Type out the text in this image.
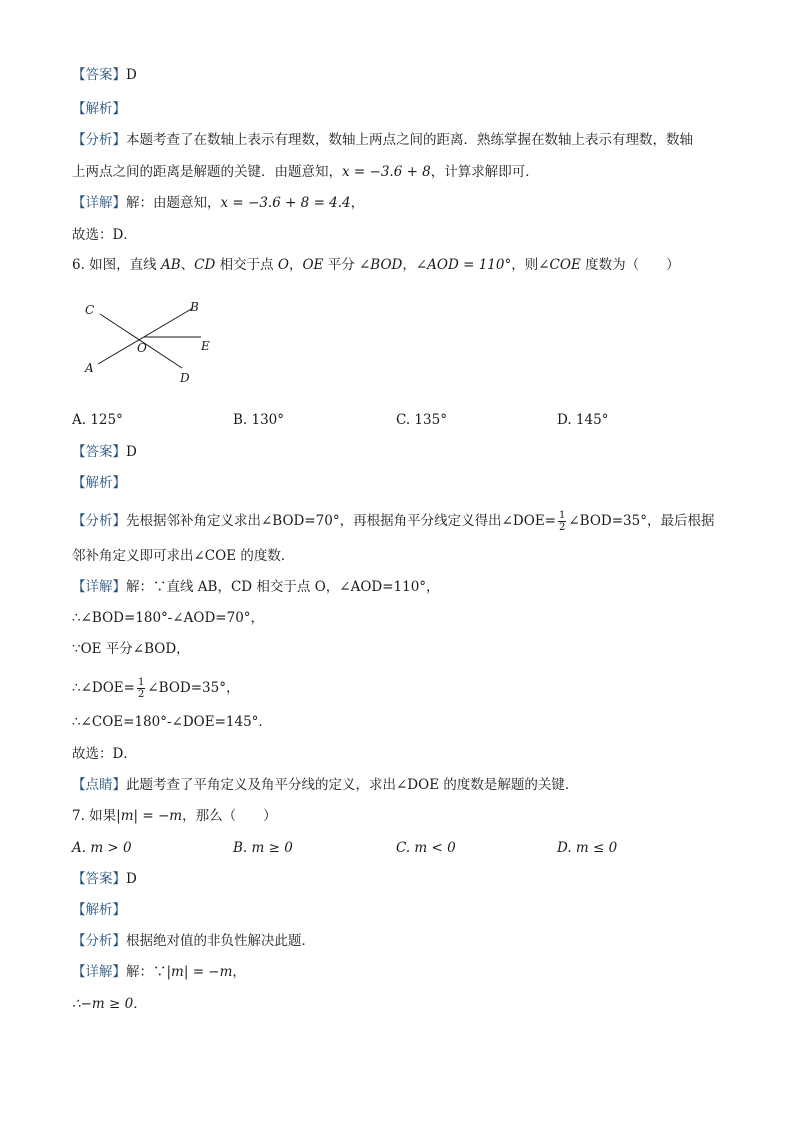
【答案】D
【解析】
【分析】本题考查了在数轴上表示有理数，数轴上两点之间的距离．熟练掌握在数轴上表示有理数，数轴
上两点之间的距离是解题的关键．由题意知，x = −3.6 + 8，计算求解即可．
【详解】解：由题意知，x = −3.6 + 8 = 4.4，
故选：D．
6. 如图，直线 AB、CD 相交于点 O，OE 平分 ∠BOD，∠AOD = 110°，则∠COE 度数为（　　）
C	B
O	E
A
D
A. 125°	B. 130°	C. 135°	D. 145°
【答案】D
【解析】
【分析】先根据邻补角定义求出∠BOD=70°，再根据角平分线定义得出∠DOE= $\frac{1}{2}$ ∠BOD=35°，最后根据
邻补角定义即可求出∠COE 的度数．
【详解】解：∵直线 AB，CD 相交于点 O，∠AOD=110°，
∴∠BOD=180°-∠AOD=70°，
∵OE 平分∠BOD，
∴∠DOE= $\frac{1}{2}$ ∠BOD=35°，
∴∠COE=180°-∠DOE=145°．
故选：D．
【点睛】此题考查了平角定义及角平分线的定义，求出∠DOE 的度数是解题的关键．
7. 如果|m| = −m，那么（　　）
A. m > 0	B. m ≥ 0	C. m < 0	D. m ≤ 0
【答案】D
【解析】
【分析】根据绝对值的非负性解决此题．
【详解】解：∵|m| = −m，
∴−m ≥ 0．
